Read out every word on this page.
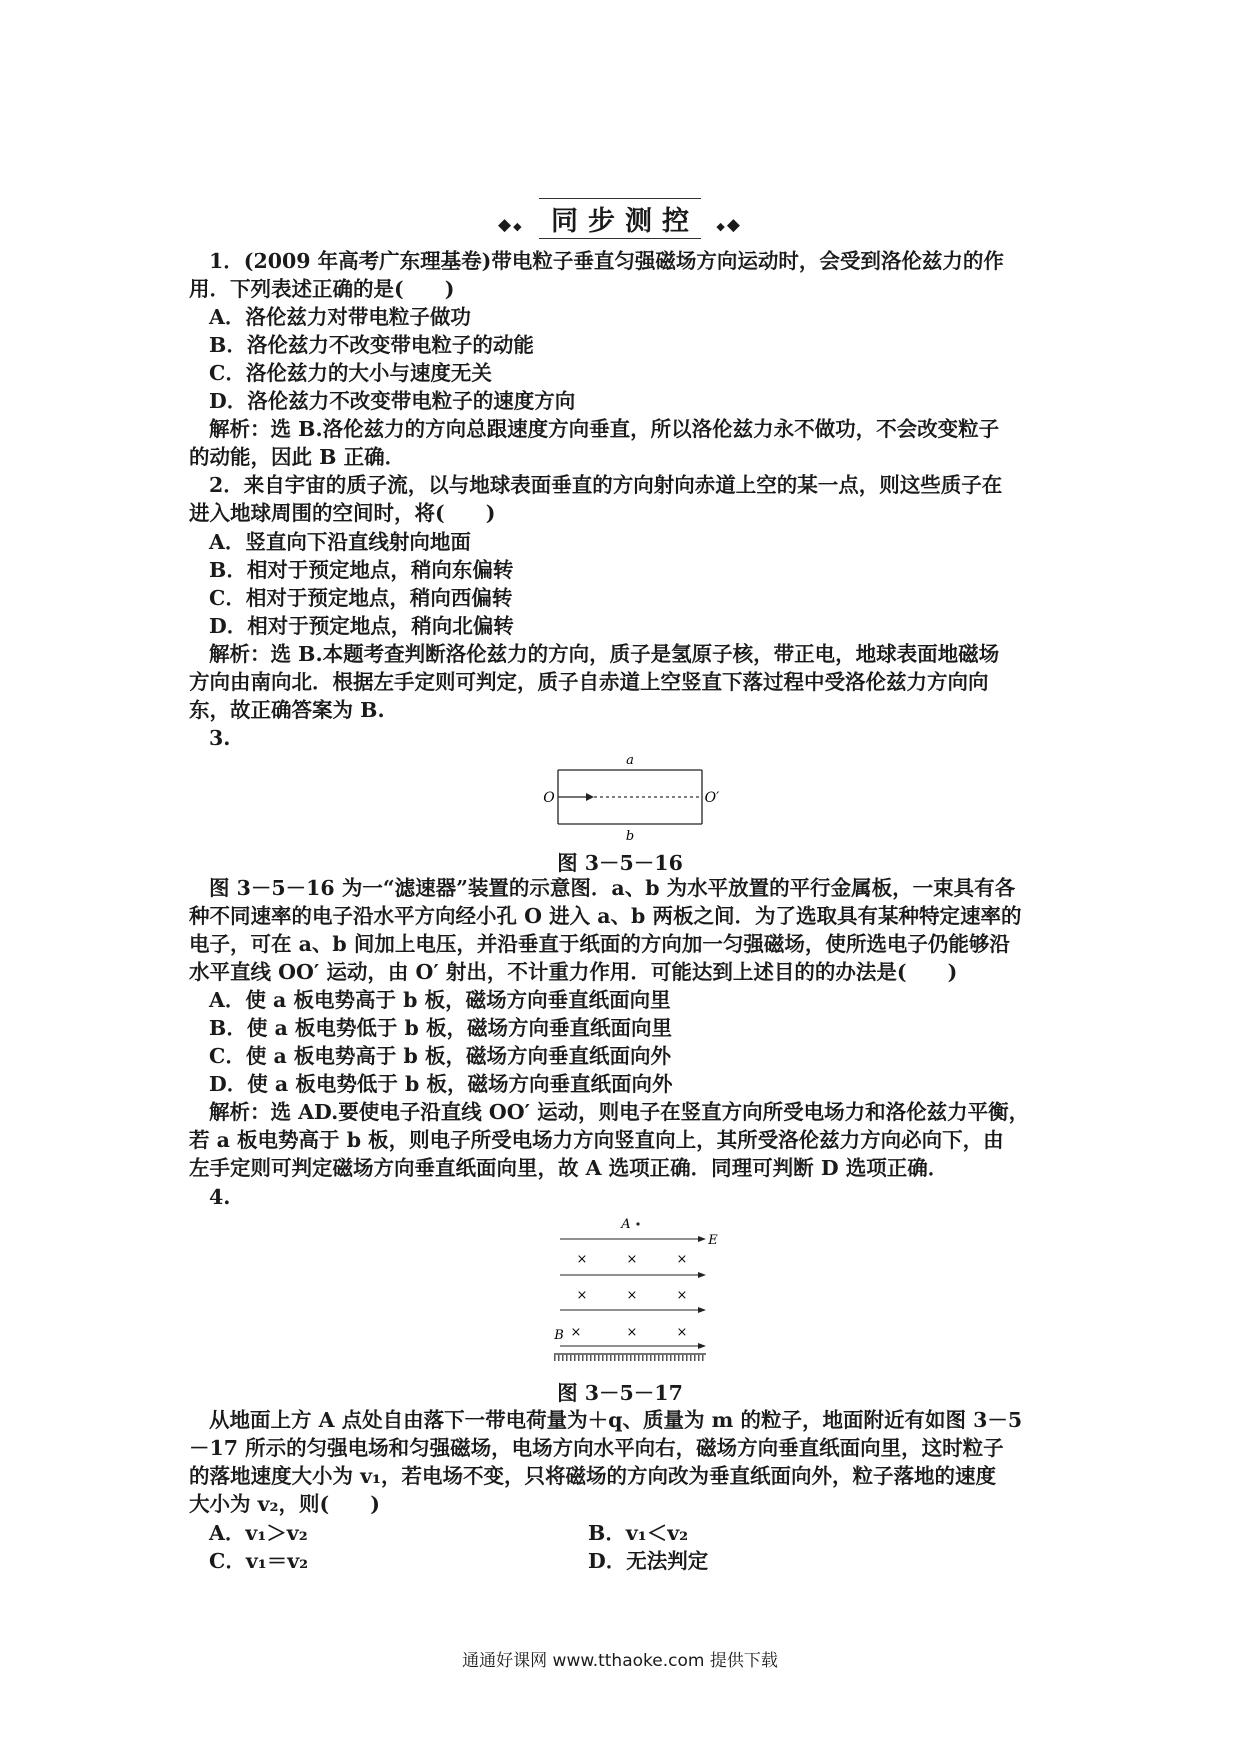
◆◆ 同步测控 ◆◆
1．(2009 年高考广东理基卷)带电粒子垂直匀强磁场方向运动时，会受到洛伦兹力的作
用．下列表述正确的是(　　)
A．洛伦兹力对带电粒子做功
B．洛伦兹力不改变带电粒子的动能
C．洛伦兹力的大小与速度无关
D．洛伦兹力不改变带电粒子的速度方向
解析：选 B.洛伦兹力的方向总跟速度方向垂直，所以洛伦兹力永不做功，不会改变粒子
的动能，因此 B 正确．
2．来自宇宙的质子流，以与地球表面垂直的方向射向赤道上空的某一点，则这些质子在
进入地球周围的空间时，将(　　)
A．竖直向下沿直线射向地面
B．相对于预定地点，稍向东偏转
C．相对于预定地点，稍向西偏转
D．相对于预定地点，稍向北偏转
解析：选 B.本题考查判断洛伦兹力的方向，质子是氢原子核，带正电，地球表面地磁场
方向由南向北．根据左手定则可判定，质子自赤道上空竖直下落过程中受洛伦兹力方向向
东，故正确答案为 B.
3.
a
O	O′
b
图 3－5－16
图 3－5－16 为一“滤速器”装置的示意图．a、b 为水平放置的平行金属板，一束具有各
种不同速率的电子沿水平方向经小孔 O 进入 a、b 两板之间．为了选取具有某种特定速率的
电子，可在 a、b 间加上电压，并沿垂直于纸面的方向加一匀强磁场，使所选电子仍能够沿
水平直线 OO′ 运动，由 O′ 射出，不计重力作用．可能达到上述目的的办法是(　　)
A．使 a 板电势高于 b 板，磁场方向垂直纸面向里
B．使 a 板电势低于 b 板，磁场方向垂直纸面向里
C．使 a 板电势高于 b 板，磁场方向垂直纸面向外
D．使 a 板电势低于 b 板，磁场方向垂直纸面向外
解析：选 AD.要使电子沿直线 OO′ 运动，则电子在竖直方向所受电场力和洛伦兹力平衡，
若 a 板电势高于 b 板，则电子所受电场力方向竖直向上，其所受洛伦兹力方向必向下，由
左手定则可判定磁场方向垂直纸面向里，故 A 选项正确．同理可判断 D 选项正确．
4.
A
E
×	×	×
×	×	×
B ×	×	×
图 3－5－17
从地面上方 A 点处自由落下一带电荷量为＋q、质量为 m 的粒子，地面附近有如图 3－5
－17 所示的匀强电场和匀强磁场，电场方向水平向右，磁场方向垂直纸面向里，这时粒子
的落地速度大小为 v₁，若电场不变，只将磁场的方向改为垂直纸面向外，粒子落地的速度
大小为 v₂，则(　　)
A．v₁＞v₂	B．v₁＜v₂
C．v₁＝v₂	D．无法判定
通通好课网 www.tthaoke.com 提供下载
